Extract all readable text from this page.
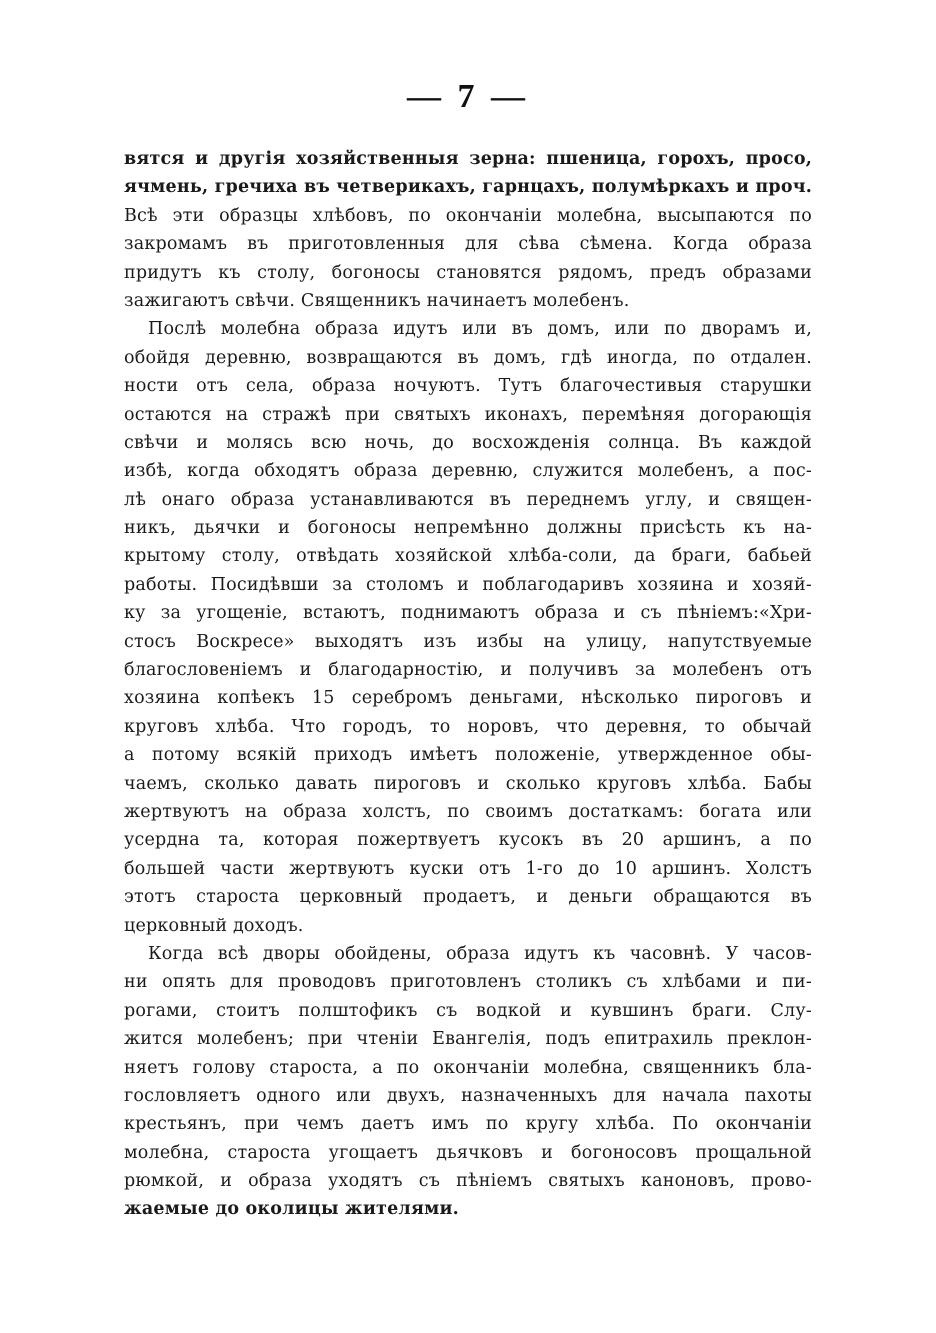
— 7 —
вятся и другія хозяйственныя зерна: пшеница, горохъ, просо,
ячмень, гречиха въ четверикахъ, гарнцахъ, полумѣркахъ и проч.
Всѣ эти образцы хлѣбовъ, по окончаніи молебна, высыпаются по
закромамъ въ приготовленныя для сѣва сѣмена. Когда образа
придутъ къ столу, богоносы становятся рядомъ, предъ образами
зажигаютъ свѣчи. Священникъ начинаетъ молебенъ.
Послѣ молебна образа идутъ или въ домъ, или по дворамъ и,
обойдя деревню, возвращаются въ домъ, гдѣ иногда, по отдален.
ности отъ села, образа ночуютъ. Тутъ благочестивыя старушки
остаются на стражѣ при святыхъ иконахъ, перемѣняя догорающія
свѣчи и молясь всю ночь, до восхожденія солнца. Въ каждой
избѣ, когда обходятъ образа деревню, служится молебенъ, а пос-
лѣ онаго образа устанавливаются въ переднемъ углу, и священ-
никъ, дьячки и богоносы непремѣнно должны присѣсть къ на-
крытому столу, отвѣдать хозяйской хлѣба-соли, да браги, бабьей
работы. Посидѣвши за столомъ и поблагодаривъ хозяина и хозяй-
ку за угощеніе, встаютъ, поднимаютъ образа и съ пѣніемъ:«Хри-
стосъ Воскресе» выходятъ изъ избы на улицу, напутствуемые
благословеніемъ и благодарностію, и получивъ за молебенъ отъ
хозяина копѣекъ 15 серебромъ деньгами, нѣсколько пироговъ и
круговъ хлѣба. Что городъ, то норовъ, что деревня, то обычай
а потому всякій приходъ имѣетъ положеніе, утвержденное обы-
чаемъ, сколько давать пироговъ и сколько круговъ хлѣба. Бабы
жертвуютъ на образа холстъ, по своимъ достаткамъ: богата или
усердна та, которая пожертвуетъ кусокъ въ 20 аршинъ, а по
большей части жертвуютъ куски отъ 1-го до 10 аршинъ. Холстъ
этотъ староста церковный продаетъ, и деньги обращаются въ
церковный доходъ.
Когда всѣ дворы обойдены, образа идутъ къ часовнѣ. У часов-
ни опять для проводовъ приготовленъ столикъ съ хлѣбами и пи-
рогами, стоитъ полштофикъ съ водкой и кувшинъ браги. Слу-
жится молебенъ; при чтеніи Евангелія, подъ епитрахиль преклон-
няетъ голову староста, а по окончаніи молебна, священникъ бла-
гословляетъ одного или двухъ, назначенныхъ для начала пахоты
крестьянъ, при чемъ даетъ имъ по кругу хлѣба. По окончаніи
молебна, староста угощаетъ дьячковъ и богоносовъ прощальной
рюмкой, и образа уходятъ съ пѣніемъ святыхъ каноновъ, прово-
жаемые до околицы жителями.
